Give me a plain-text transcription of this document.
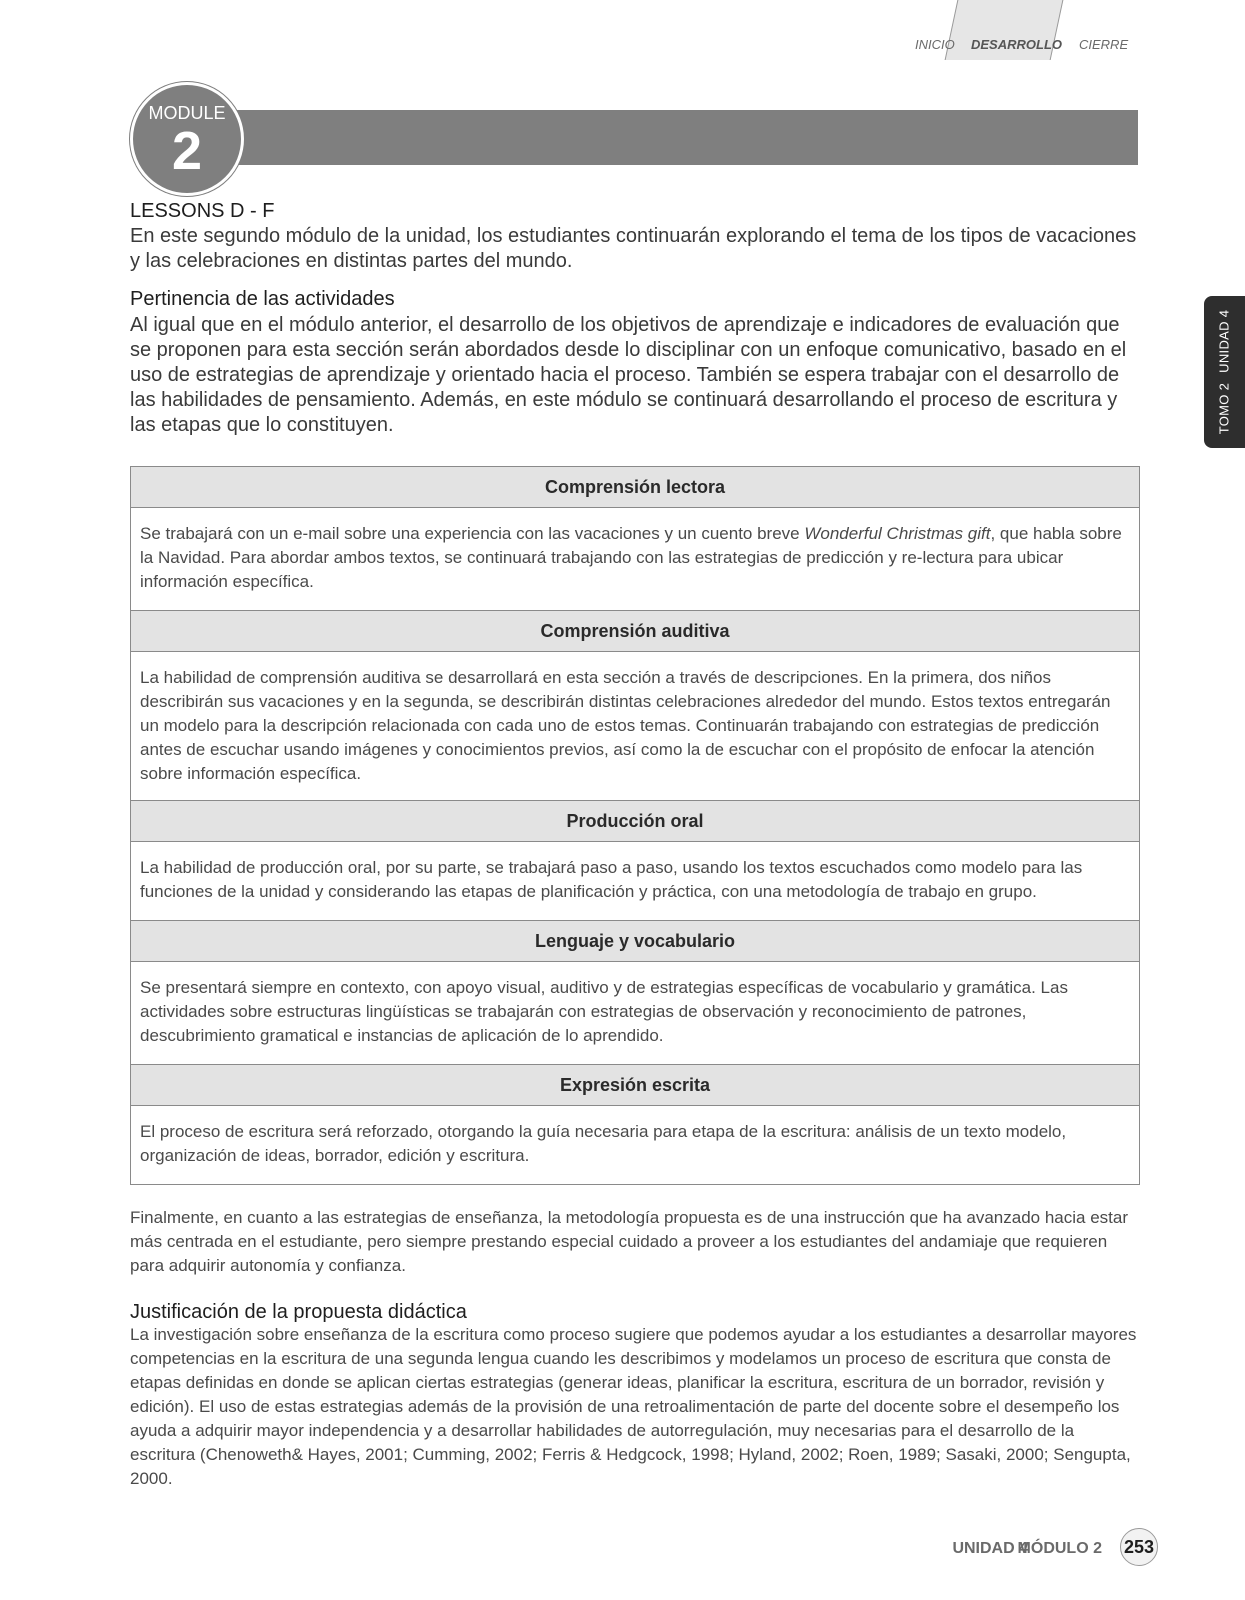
INICIO DESARROLLO CIERRE
MODULE
2
TOMO 2UNIDAD 4
LESSONS D - F
En este segundo módulo de la unidad, los estudiantes continuarán explorando el tema de los tipos de vacaciones y las celebraciones en distintas partes del mundo.
Pertinencia de las actividades
Al igual que en el módulo anterior, el desarrollo de los objetivos de aprendizaje e indicadores de evaluación que se proponen para esta sección serán abordados desde lo disciplinar con un enfoque comunicativo, basado en el uso de estrategias de aprendizaje y orientado hacia el proceso. También se espera trabajar con el desarrollo de las habilidades de pensamiento. Además, en este módulo se continuará desarrollando el proceso de escritura y las etapas que lo constituyen.
Comprensión lectora
Se trabajará con un e-mail sobre una experiencia con las vacaciones y un cuento breve Wonderful Christmas gift, que habla sobre la Navidad. Para abordar ambos textos, se continuará trabajando con las estrategias de predicción y re-lectura para ubicar información específica.
Comprensión auditiva
La habilidad de comprensión auditiva se desarrollará en esta sección a través de descripciones. En la primera, dos niños describirán sus vacaciones y en la segunda, se describirán distintas celebraciones alrededor del mundo. Estos textos entregarán un modelo para la descripción relacionada con cada uno de estos temas. Continuarán trabajando con estrategias de predicción antes de escuchar usando imágenes y conocimientos previos, así como la de escuchar con el propósito de enfocar la atención sobre información específica.
Producción oral
La habilidad de producción oral, por su parte, se trabajará paso a paso, usando los textos escuchados como modelo para las funciones de la unidad y considerando las etapas de planificación y práctica, con una metodología de trabajo en grupo.
Lenguaje y vocabulario
Se presentará siempre en contexto, con apoyo visual, auditivo y de estrategias específicas de vocabulario y gramática. Las actividades sobre estructuras lingüísticas se trabajarán con estrategias de observación y reconocimiento de patrones, descubrimiento gramatical e instancias de aplicación de lo aprendido.
Expresión escrita
El proceso de escritura será reforzado, otorgando la guía necesaria para etapa de la escritura: análisis de un texto modelo, organización de ideas, borrador, edición y escritura.
Finalmente, en cuanto a las estrategias de enseñanza, la metodología propuesta es de una instrucción que ha avanzado hacia estar más centrada en el estudiante, pero siempre prestando especial cuidado a proveer a los estudiantes del andamiaje que requieren para adquirir autonomía y confianza.
Justificación de la propuesta didáctica
La investigación sobre enseñanza de la escritura como proceso sugiere que podemos ayudar a los estudiantes a desarrollar mayores competencias en la escritura de una segunda lengua cuando les describimos y modelamos un proceso de escritura que consta de etapas definidas en donde se aplican ciertas estrategias (generar ideas, planificar la escritura, escritura de un borrador, revisión y edición). El uso de estas estrategias además de la provisión de una retroalimentación de parte del docente sobre el desempeño los ayuda a adquirir mayor independencia y a desarrollar habilidades de autorregulación, muy necesarias para el desarrollo de la escritura (Chenoweth& Hayes, 2001; Cumming, 2002; Ferris & Hedgcock, 1998; Hyland, 2002; Roen, 1989; Sasaki, 2000; Sengupta, 2000.
UNIDAD 4
MÓDULO 2 253
